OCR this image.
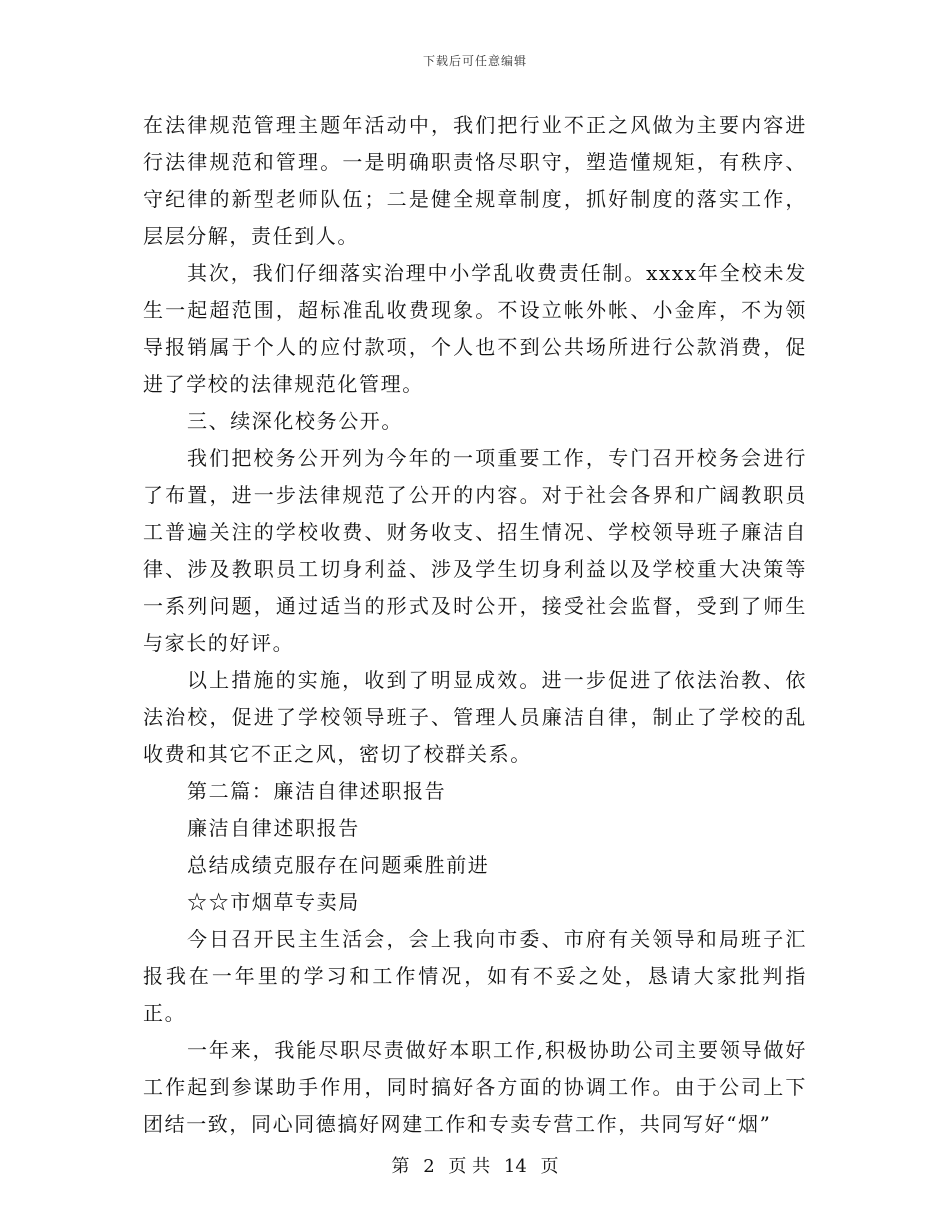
下载后可任意编辑

在法律规范管理主题年活动中，我们把行业不正之风做为主要内容进行法律规范和管理。一是明确职责恪尽职守，塑造懂规矩，有秩序、守纪律的新型老师队伍；二是健全规章制度，抓好制度的落实工作，层层分解，责任到人。

其次，我们仔细落实治理中小学乱收费责任制。xxxx年全校未发生一起超范围，超标准乱收费现象。不设立帐外帐、小金库，不为领导报销属于个人的应付款项，个人也不到公共场所进行公款消费，促进了学校的法律规范化管理。

三、续深化校务公开。

我们把校务公开列为今年的一项重要工作，专门召开校务会进行了布置，进一步法律规范了公开的内容。对于社会各界和广阔教职员工普遍关注的学校收费、财务收支、招生情况、学校领导班子廉洁自律、涉及教职员工切身利益、涉及学生切身利益以及学校重大决策等一系列问题，通过适当的形式及时公开，接受社会监督，受到了师生与家长的好评。

以上措施的实施，收到了明显成效。进一步促进了依法治教、依法治校，促进了学校领导班子、管理人员廉洁自律，制止了学校的乱收费和其它不正之风，密切了校群关系。

第二篇：廉洁自律述职报告

廉洁自律述职报告

总结成绩克服存在问题乘胜前进

☆☆市烟草专卖局

今日召开民主生活会，会上我向市委、市府有关领导和局班子汇报我在一年里的学习和工作情况，如有不妥之处，恳请大家批判指正。

一年来，我能尽职尽责做好本职工作,积极协助公司主要领导做好工作起到参谋助手作用，同时搞好各方面的协调工作。由于公司上下团结一致，同心同德搞好网建工作和专卖专营工作，共同写好“烟”

第 2 页 共 14 页
